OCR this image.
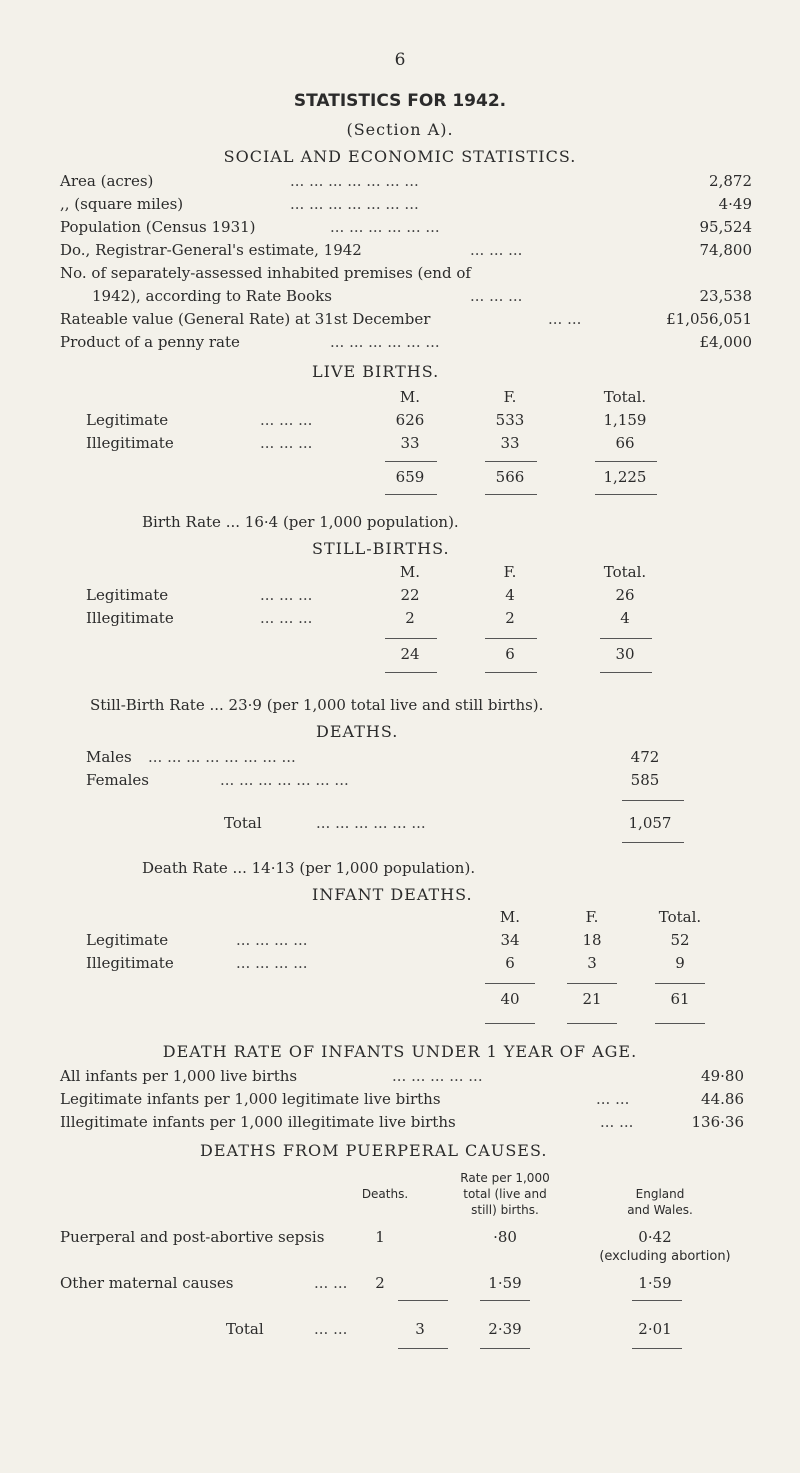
6
STATISTICS FOR 1942.
(Section A).
SOCIAL AND ECONOMIC STATISTICS.
Area (acres)	... ... ... ... ... ... ...	2,872
,, (square miles)	... ... ... ... ... ... ...	4·49
Population (Census 1931)	... ... ... ... ... ...	95,524
Do., Registrar-General's estimate, 1942	... ... ...	74,800
No. of separately-assessed inhabited premises (end of
1942), according to Rate Books	... ... ...	23,538
Rateable value (General Rate) at 31st December	... ...	£1,056,051
Product of a penny rate	... ... ... ... ... ...	£4,000
LIVE BIRTHS.
M.	F.	Total.
Legitimate	... ... ...	626	533	1,159
Illegitimate	... ... ...	33	33	66
659	566	1,225
Birth Rate ... 16·4 (per 1,000 population).
STILL-BIRTHS.
M.	F.	Total.
Legitimate	... ... ...	22	4	26
Illegitimate	... ... ...	2	2	4
24	6	30
Still-Birth Rate ... 23·9 (per 1,000 total live and still births).
DEATHS.
Males ... ... ... ... ... ... ... ...	472
Females	... ... ... ... ... ... ...	585
Total	... ... ... ... ... ...	1,057
Death Rate ... 14·13 (per 1,000 population).
INFANT DEATHS.
M.	F.	Total.
Legitimate	... ... ... ...	34	18	52
Illegitimate	... ... ... ...	6	3	9
40	21	61
DEATH RATE OF INFANTS UNDER 1 YEAR OF AGE.
All infants per 1,000 live births	... ... ... ... ...	49·80
Legitimate infants per 1,000 legitimate live births	... ...	44.86
Illegitimate infants per 1,000 illegitimate live births	... ...	136·36
DEATHS FROM PUERPERAL CAUSES.
Deaths.
Rate per 1,000
total (live and
still) births.
England
and Wales.
Puerperal and post-abortive sepsis	1	·80	0·42
(excluding abortion)
Other maternal causes	... ...	2	1·59	1·59
Total	... ...	3	2·39	2·01
